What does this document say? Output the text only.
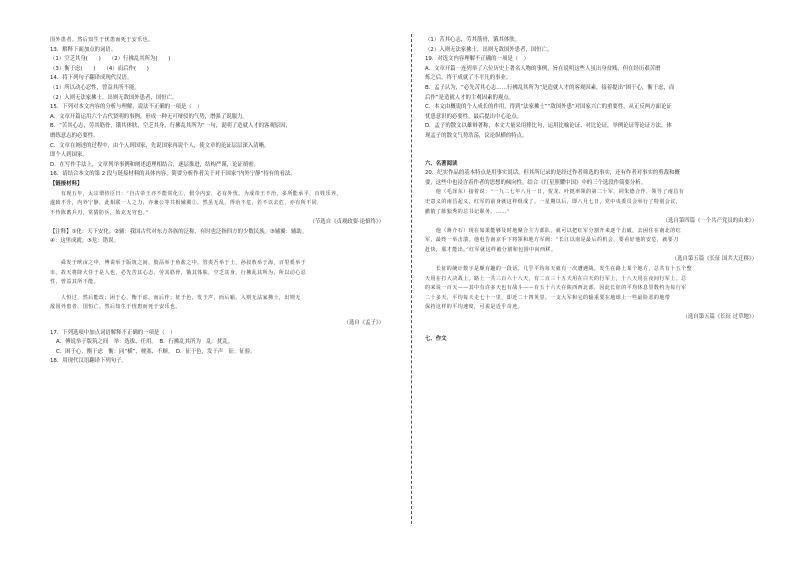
国外患者。然后知生于忧患而死于安乐也。
13．解释下面加点的词语。
（1）空乏其身(　　)　　（2）行拂乱其所为(　　)
（3）衡于虑(　　)　　（4）而后作(　　)
14．将下列句子翻译成现代汉语。
（1）所以动心忍性，曾益其所不能。
（2）入则无法家拂士，出则无敌国外患者，国恒亡。
15．下列对本文内容的分析与理解，说法不正确的一项是（　）
A．文章开篇运用六个古代贤明的事例，形成一种无可辩驳的气势，增强了说服力。
B．“苦其心志，劳其筋骨，饿其体肤，空乏其身，行拂乱其所为”一句，说明了造就人才的客观原因，
磨练意志的必要性。
C．文章在阐述的过程中，由个人到国家，先说国家再说个人，使文章的论证层层深入清晰。
即个人到国家。
D．在写作手法上，文章列举事例和阐述道理相结合，逐层推进，结构严谨，论证缜密。
16．请结合本文的第 2 段与链接材料的具体内容，简要分析作者关于对于国家“内外宁静”持有的看法。
【链接材料】
　　有现五年，太宗谓侍臣曰：“自古帝王亦不能常化①，假令内安，必有外忧。为成帝王不治，多所能承平，百姓乐养，
遂致不升，内外宁静，此相联一人之力，亦兼公等共相辅翼②。然虽无乱，得治不危，若不以去危，亦有所不同，
不恃陈蓄兵刃，常猜防兵，始克无穷也。”
（节选自《贞观政要·论慎终》）
【注释】①化：天下安化。②辅：我国古代对东方各族的泛称，有时也泛指四方的少数民族。③辅翼：辅助。
④：这里成就。⑤危：错误。
　　舜发于畎亩之中，傅说举于版筑之间，胶鬲举于鱼盐之中，管夷吾举于士，孙叔敖举于海，百里奚举于
市。故天将降大任于是人也，必先苦其心志，劳其筋骨，饿其体肤，空乏其身，行拂乱其所为，所以动心忍
性，曾益其所不能。
　　人恒过，然后能改；困于心，衡于虑，而后作；征于色，发于声，而后喻。入则无法家拂士，出则无
敌国外患者，国恒亡。然后知生于忧患而死于安乐也。
（选自《孟子》）
17．下列选项中加点词语解释不正确的一项是（　）
A．傅说举于版筑之间　举：选拔、任用。　B．行拂乱其所为　乱：扰乱。
C．困于心，衡于虑　衡：同“横”，梗塞、不顺。　D．征于色，发于声　征：征验。
18．用现代汉语翻译下列句子。
（1）苦其心志，劳其筋骨，饿其体肤。
（2）入则无法家拂士，出则无敌国外患者，国恒亡。
19．对选文内容理解不正确的一项是（　）
A．文章开篇一连列举了六位历史上著名人物的事例，旨在说明这些人虽出身贫贱，但在经历艰苦磨
炼之后，终于成就了不平凡的事业。
B．孟子认为，“必先苦其心志……行拂乱其所为”是造就人才的客观因素，接着提出“困于心，衡于虑，而
后作”是造就人才的主观因素的观点。
C．本文由概说的个人成长的作用，得到“法家拂士”“敌国外患”对国家兴亡的重要性，从正反两方面论证
忧患意识的必要性，最后提出中心论点。
D．孟子的散文以雄辩著称，本文大量采用排比句，运用比喻论证、对比论证，举例论证等论证方法，体
现孟子的散文气势浩荡，议论纵横的特点。
六、名著阅读
20．纪实作品的基本特点是用事实说话，但其所记录的是经过作者筛选的事实，还有作者对事实的剪裁和概
要，这些中也浸含着作者的思想的倾向性。结合《红星照耀中国》中的三个选段作简要分析。
　　他（毛泽东）接着说：“一九二七年八月一日，贺龙、叶挺率领的第二十军，同朱德合作，领导了南昌有
史意义的南昌起义，红军的前身就这样组成了。一星期以后，即八月七日，党中央委员会举行了特别会议，
撤销了陈独秀的总书记职务。……”
（选自第四篇《一个共产党员的由来》）
　　他（蒋介石）现在如果能够及时地聚合主力部队，就可以把红军分割开来逐个击破，去困住在南北的红
军，最终一举击溃。他电告南京手下将领和地方军阀：“长江以南是最后的机会，要看好他的安危，就要刀
赶快，那才能出。”红军就这样被分割和包围中向西移。
（选自第五篇《长征 国共大迁移》）
　　长征的统计数字是颇有趣的一段话。几乎平均每天就有一次遭遇战，发生在路上某个地方，总共有十五个整
天用在打大决战上。路上一共三百六十八天，有二百三十五天用在白天的行军上，十八天用在夜间行军上。总
的来说一百天——其中有许多天也有战斗——有五十六天在陕西西北部，因此长征的平均休息里数约为每行军
二十多天，平均每天走七十一里，即近二十四英里。一支大军和它的辎重要在地球上一些最险恶的地带
保持这样的平均速度，可说是近乎奇迹。
（选自第五篇《长征 过草地》）
七、作文
